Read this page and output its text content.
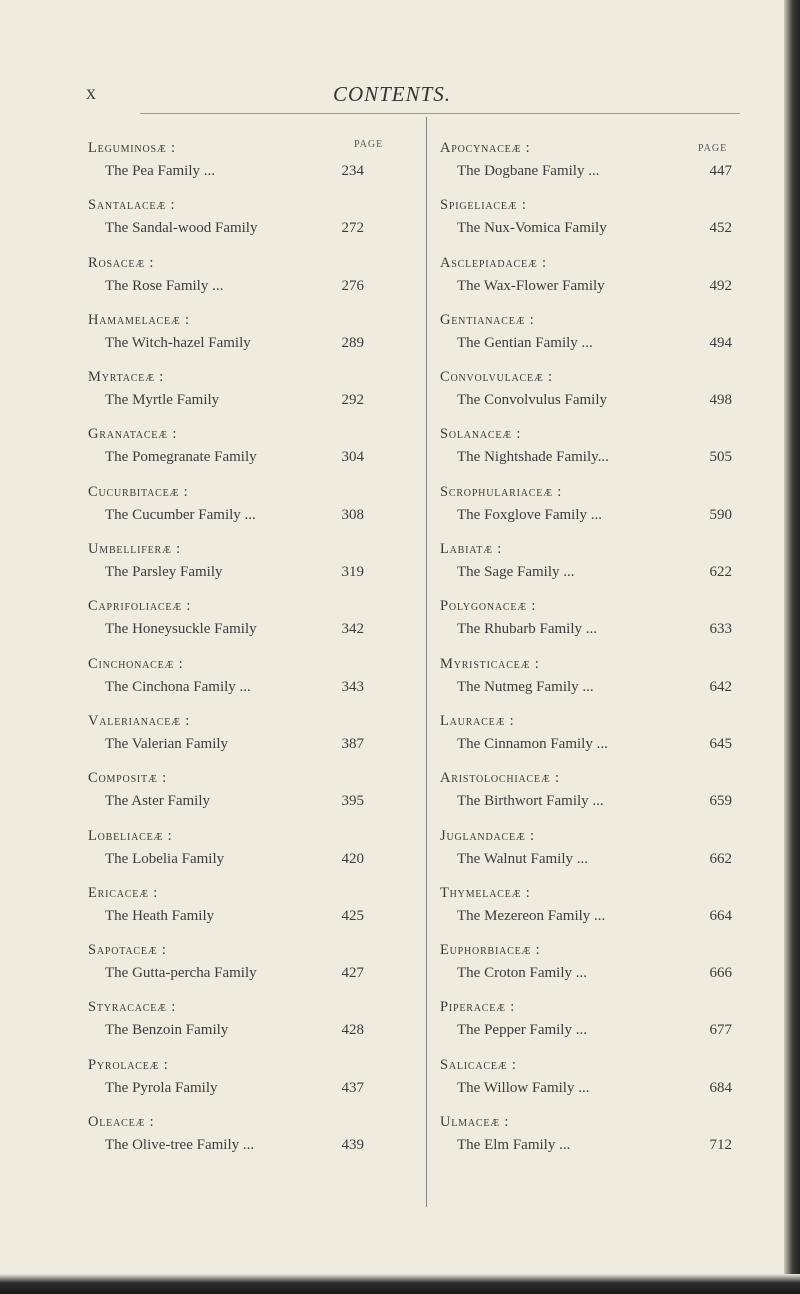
x	CONTENTS.
PAGE
Leguminosæ :
The Pea Family ...	234
Santalaceæ :
The Sandal-wood Family	272
Rosaceæ :
The Rose Family ...	276
Hamamelaceæ :
The Witch-hazel Family	289
Myrtaceæ :
The Myrtle Family	292
Granataceæ :
The Pomegranate Family	304
Cucurbitaceæ :
The Cucumber Family ...	308
Umbelliferæ :
The Parsley Family	319
Caprifoliaceæ :
The Honeysuckle Family	342
Cinchonaceæ :
The Cinchona Family ...	343
Valerianaceæ :
The Valerian Family	387
Compositæ :
The Aster Family	395
Lobeliaceæ :
The Lobelia Family	420
Ericaceæ :
The Heath Family	425
Sapotaceæ :
The Gutta-percha Family	427
Styracaceæ :
The Benzoin Family	428
Pyrolaceæ :
The Pyrola Family	437
Oleaceæ :
The Olive-tree Family ...	439
PAGE
Apocynaceæ :
The Dogbane Family ...	447
Spigeliaceæ :
The Nux-Vomica Family	452
Asclepiadaceæ :
The Wax-Flower Family	492
Gentianaceæ :
The Gentian Family ...	494
Convolvulaceæ :
The Convolvulus Family	498
Solanaceæ :
The Nightshade Family...	505
Scrophulariaceæ :
The Foxglove Family ...	590
Labiatæ :
The Sage Family ...	622
Polygonaceæ :
The Rhubarb Family ...	633
Myristicaceæ :
The Nutmeg Family ...	642
Lauraceæ :
The Cinnamon Family ...	645
Aristolochiaceæ :
The Birthwort Family ...	659
Juglandaceæ :
The Walnut Family ...	662
Thymelaceæ :
The Mezereon Family ...	664
Euphorbiaceæ :
The Croton Family ...	666
Piperaceæ :
The Pepper Family ...	677
Salicaceæ :
The Willow Family ...	684
Ulmaceæ :
The Elm Family ...	712
